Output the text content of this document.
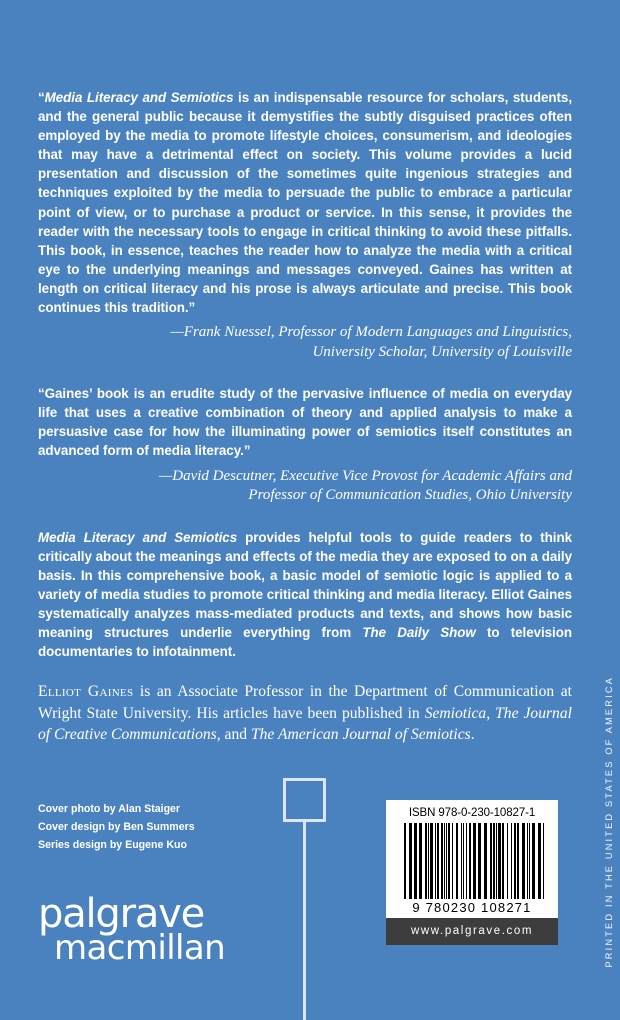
“Media Literacy and Semiotics is an indispensable resource for scholars, students, and the general public because it demystifies the subtly disguised practices often employed by the media to promote lifestyle choices, consumerism, and ideologies that may have a detrimental effect on society. This volume provides a lucid presentation and discussion of the sometimes quite ingenious strategies and techniques exploited by the media to persuade the public to embrace a particular point of view, or to purchase a product or service. In this sense, it provides the reader with the necessary tools to engage in critical thinking to avoid these pitfalls. This book, in essence, teaches the reader how to analyze the media with a critical eye to the underlying meanings and messages conveyed. Gaines has written at length on critical literacy and his prose is always articulate and precise. This book continues this tradition.”

—Frank Nuessel, Professor of Modern Languages and Linguistics,
University Scholar, University of Louisville

“Gaines’ book is an erudite study of the pervasive influence of media on everyday life that uses a creative combination of theory and applied analysis to make a persuasive case for how the illuminating power of semiotics itself constitutes an advanced form of media literacy.”

—David Descutner, Executive Vice Provost for Academic Affairs and
Professor of Communication Studies, Ohio University

Media Literacy and Semiotics provides helpful tools to guide readers to think critically about the meanings and effects of the media they are exposed to on a daily basis. In this comprehensive book, a basic model of semiotic logic is applied to a variety of media studies to promote critical thinking and media literacy. Elliot Gaines systematically analyzes mass-mediated products and texts, and shows how basic meaning structures underlie everything from The Daily Show to television documentaries to infotainment.

Elliot Gaines is an Associate Professor in the Department of Communication at Wright State University. His articles have been published in Semiotica, The Journal of Creative Communications, and The American Journal of Semiotics.

Cover photo by Alan Staiger
Cover design by Ben Summers
Series design by Eugene Kuo
palgrave
macmillan
ISBN 978-0-230-10827-1
9 780230 108271
www.palgrave.com	PRINTED IN THE UNITED STATES OF AMERICA
